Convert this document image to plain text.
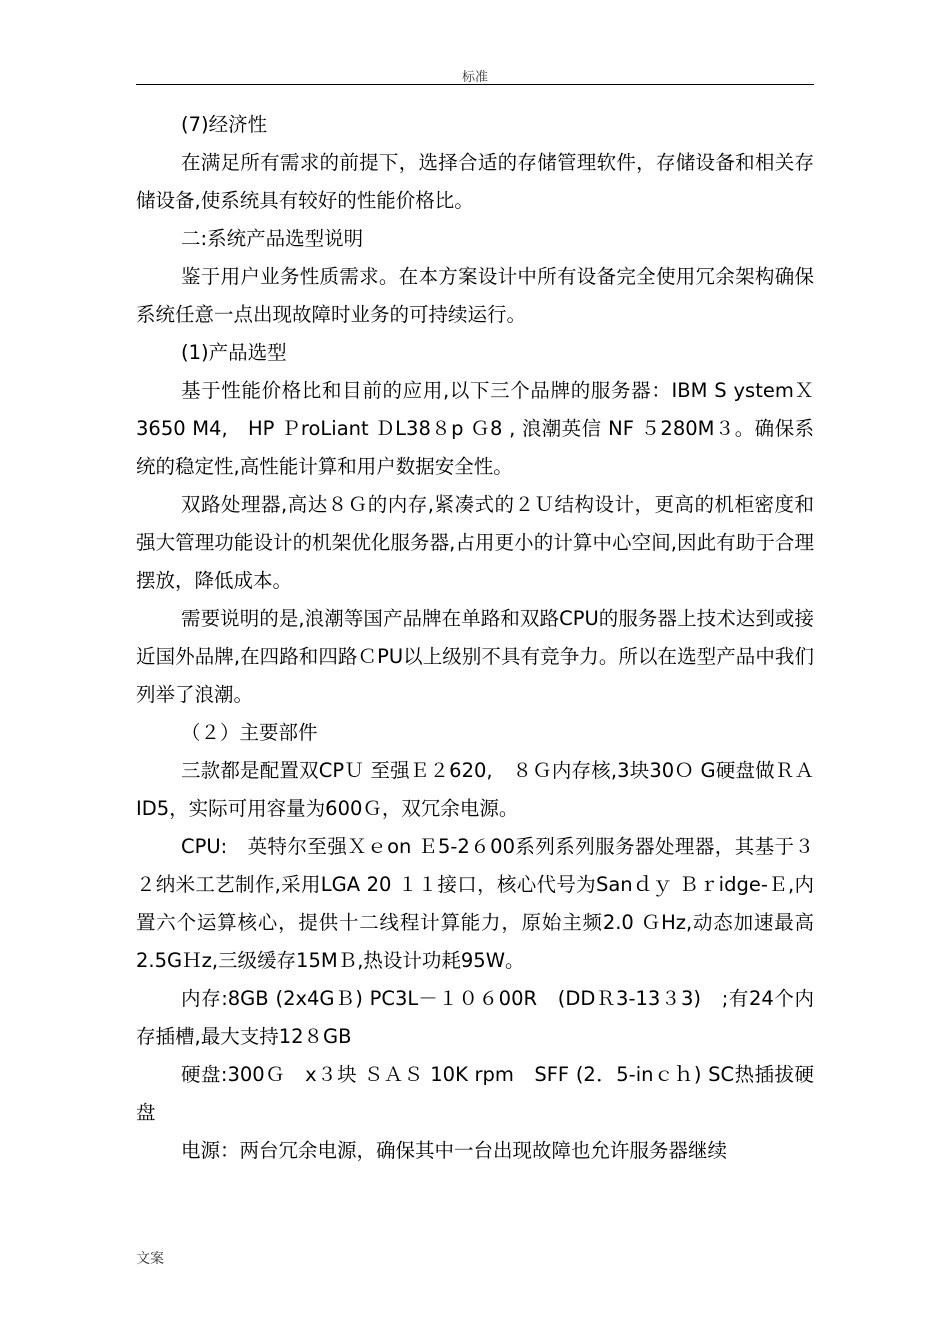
标准

(7)经济性

在满足所有需求的前提下，选择合适的存储管理软件，存储设备和相关存储设备,使系统具有较好的性能价格比。

二:系统产品选型说明

鉴于用户业务性质需求。在本方案设计中所有设备完全使用冗余架构确保系统任意一点出现故障时业务的可持续运行。

(1)产品选型

基于性能价格比和目前的应用,以下三个品牌的服务器：IBM S ystemＸ 3650 M4,　HP ＰroLiant ＤL38８p Ｇ8 , 浪潮英信 NF ５280M３。确保系统的稳定性,高性能计算和用户数据安全性。

双路处理器,高达８Ｇ的内存,紧凑式的２Ｕ结构设计，更高的机柜密度和强大管理功能设计的机架优化服务器,占用更小的计算中心空间,因此有助于合理摆放，降低成本。

需要说明的是,浪潮等国产品牌在单路和双路CPU的服务器上技术达到或接近国外品牌,在四路和四路ＣPU以上级别不具有竞争力。所以在选型产品中我们列举了浪潮。

（２）主要部件

三款都是配置双CPＵ 至强Ｅ２620,　８Ｇ内存核,3块30Ｏ G硬盘做ＲＡID5，实际可用容量为600Ｇ，双冗余电源。

CPU:　英特尔至强Ｘｅon Ｅ5-2６00系列系列服务器处理器，其基于３２纳米工艺制作,采用LGA 20 １１接口，核心代号为Sanｄｙ Ｂｒidge-Ｅ,内置六个运算核心，提供十二线程计算能力，原始主频2.0 ＧHz,动态加速最高2.5GＨz,三级缓存15MＢ,热设计功耗95W。

内存:8GB (2x4GＢ) PC3L－１０６00R　(DDＲ3-13３3)　;有24个内存插槽,最大支持12８GB

硬盘:300Ｇ　x３块 ＳＡＳ 10K rpm　SFF (2．5-inｃｈ) SC热插拔硬盘

电源：两台冗余电源，确保其中一台出现故障也允许服务器继续

文案
